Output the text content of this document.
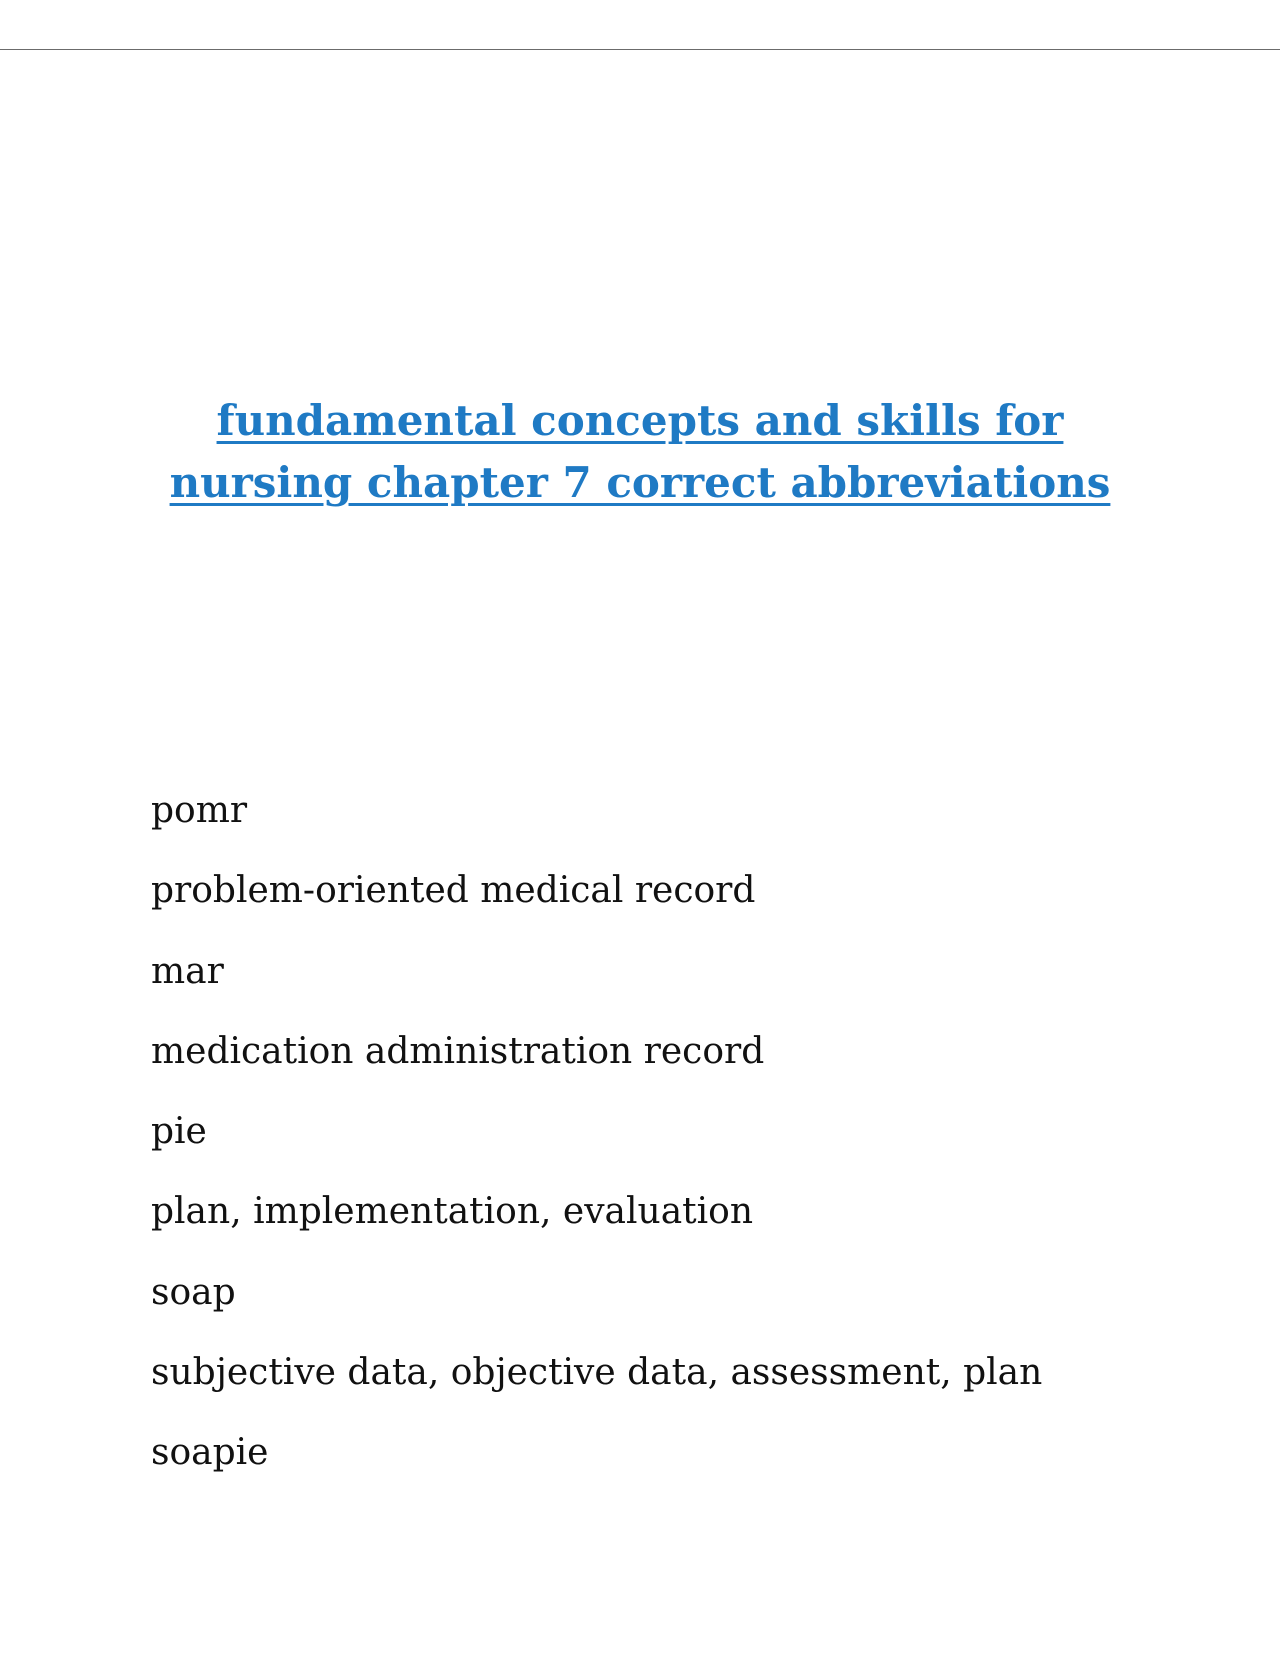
fundamental concepts and skills for
nursing chapter 7 correct abbreviations
pomr
problem-oriented medical record
mar
medication administration record
pie
plan, implementation, evaluation
soap
subjective data, objective data, assessment, plan
soapie
